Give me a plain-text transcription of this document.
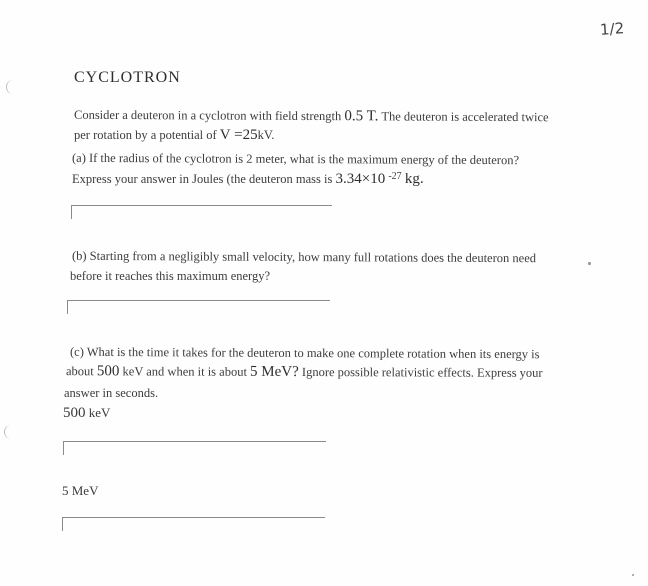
1/2
CYCLOTRON
Consider a deuteron in a cyclotron with field strength 0.5 T. The deuteron is accelerated twice
per rotation by a potential of V =25kV.
(a) If the radius of the cyclotron is 2 meter, what is the maximum energy of the deuteron?
Express your answer in Joules (the deuteron mass is 3.34×10 $^{-27}$ kg.
(b) Starting from a negligibly small velocity, how many full rotations does the deuteron need
before it reaches this maximum energy?
(c) What is the time it takes for the deuteron to make one complete rotation when its energy is
about 500 keV and when it is about 5 MeV? Ignore possible relativistic effects. Express your
answer in seconds.
500 keV
5 MeV
